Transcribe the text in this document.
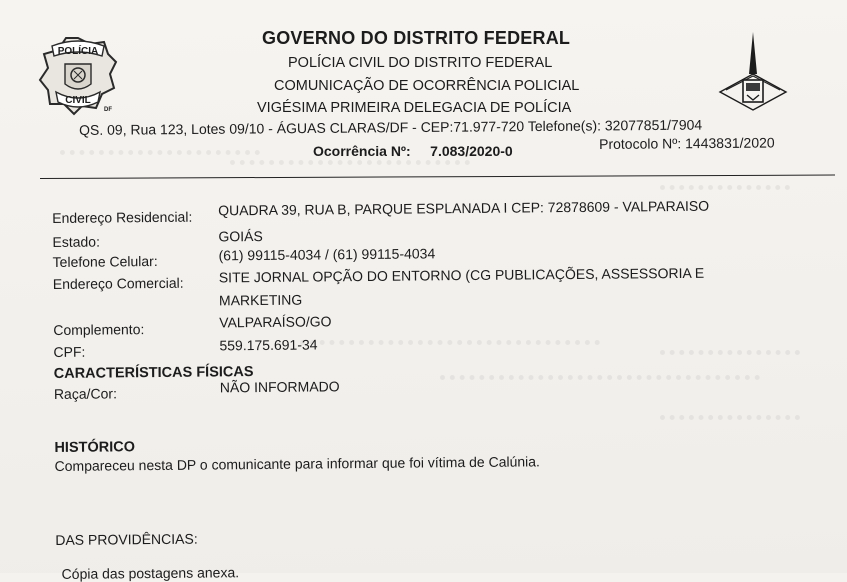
POLÍCIA
CIVIL
DF
GOVERNO DO DISTRITO FEDERAL
POLÍCIA CIVIL DO DISTRITO FEDERAL
COMUNICAÇÃO DE OCORRÊNCIA POLICIAL
VIGÉSIMA PRIMEIRA DELEGACIA DE POLÍCIA
QS. 09, Rua 123, Lotes 09/10 - ÁGUAS CLARAS/DF - CEP:71.977-720 Telefone(s): 32077851/7904
Ocorrência Nº: 7.083/2020-0	Protocolo Nº: 1443831/2020
Endereço Residencial: QUADRA 39, RUA B, PARQUE ESPLANADA I CEP: 72878609 - VALPARAISO
Estado:	GOIÁS
Telefone Celular:	(61) 99115-4034 / (61) 99115-4034
Endereço Comercial:	SITE JORNAL OPÇÃO DO ENTORNO (CG PUBLICAÇÕES, ASSESSORIA E
MARKETING
Complemento:	VALPARAÍSO/GO
CPF:	559.175.691-34
CARACTERÍSTICAS FÍSICAS
Raça/Cor:	NÃO INFORMADO
HISTÓRICO
Compareceu nesta DP o comunicante para informar que foi vítima de Calúnia.
DAS PROVIDÊNCIAS:
Cópia das postagens anexa.
